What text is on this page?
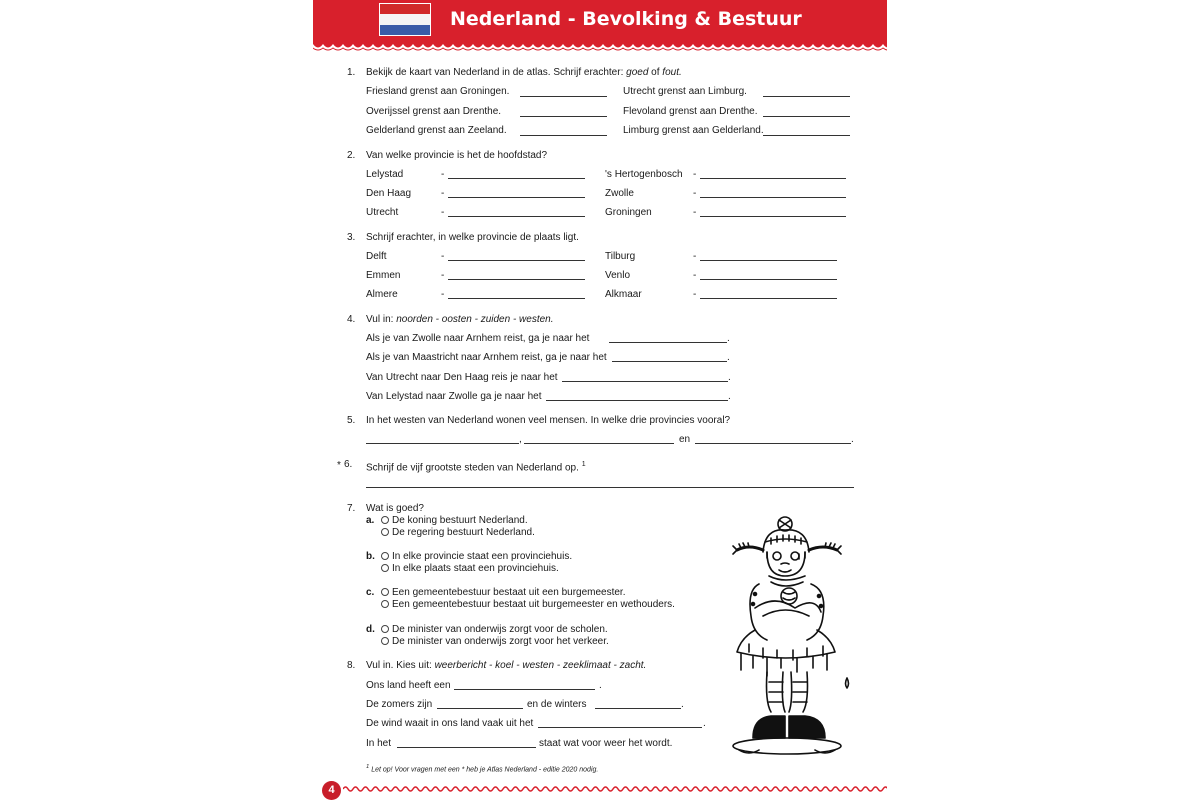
Nederland - Bevolking & Bestuur
1. Bekijk de kaart van Nederland in de atlas. Schrijf erachter: goed of fout.
Friesland grenst aan Groningen.	Utrecht grenst aan Limburg.
Overijssel grenst aan Drenthe.	Flevoland grenst aan Drenthe.
Gelderland grenst aan Zeeland.	Limburg grenst aan Gelderland.
2. Van welke provincie is het de hoofdstad?
Lelystad	-	's Hertogenbosch -
Den Haag	-	Zwolle	-
Utrecht	-	Groningen	-
3. Schrijf erachter, in welke provincie de plaats ligt.
Delft	-	Tilburg	-
Emmen	-	Venlo	-
Almere	-	Alkmaar	-
4. Vul in: noorden - oosten - zuiden - westen.
Als je van Zwolle naar Arnhem reist, ga je naar het	.
Als je van Maastricht naar Arnhem reist, ga je naar het	.
Van Utrecht naar Den Haag reis je naar het	.
Van Lelystad naar Zwolle ga je naar het	.
5. In het westen van Nederland wonen veel mensen. In welke drie provincies vooral?
,	en	.
* 6. Schrijf de vijf grootste steden van Nederland op. $^1$
7. Wat is goed?
a. De koning bestuurt Nederland.
De regering bestuurt Nederland.
b. In elke provincie staat een provinciehuis.
In elke plaats staat een provinciehuis.
c. Een gemeentebestuur bestaat uit een burgemeester.
Een gemeentebestuur bestaat uit burgemeester en wethouders.
d. De minister van onderwijs zorgt voor de scholen.
De minister van onderwijs zorgt voor het verkeer.
8. Vul in. Kies uit: weerbericht - koel - westen - zeeklimaat - zacht.
Ons land heeft een	.
De zomers zijn	en de winters	.
De wind waait in ons land vaak uit het	.
In het	staat wat voor weer het wordt.
$^1$ Let op! Voor vragen met een * heb je Atlas Nederland - editie 2020 nodig.
4
